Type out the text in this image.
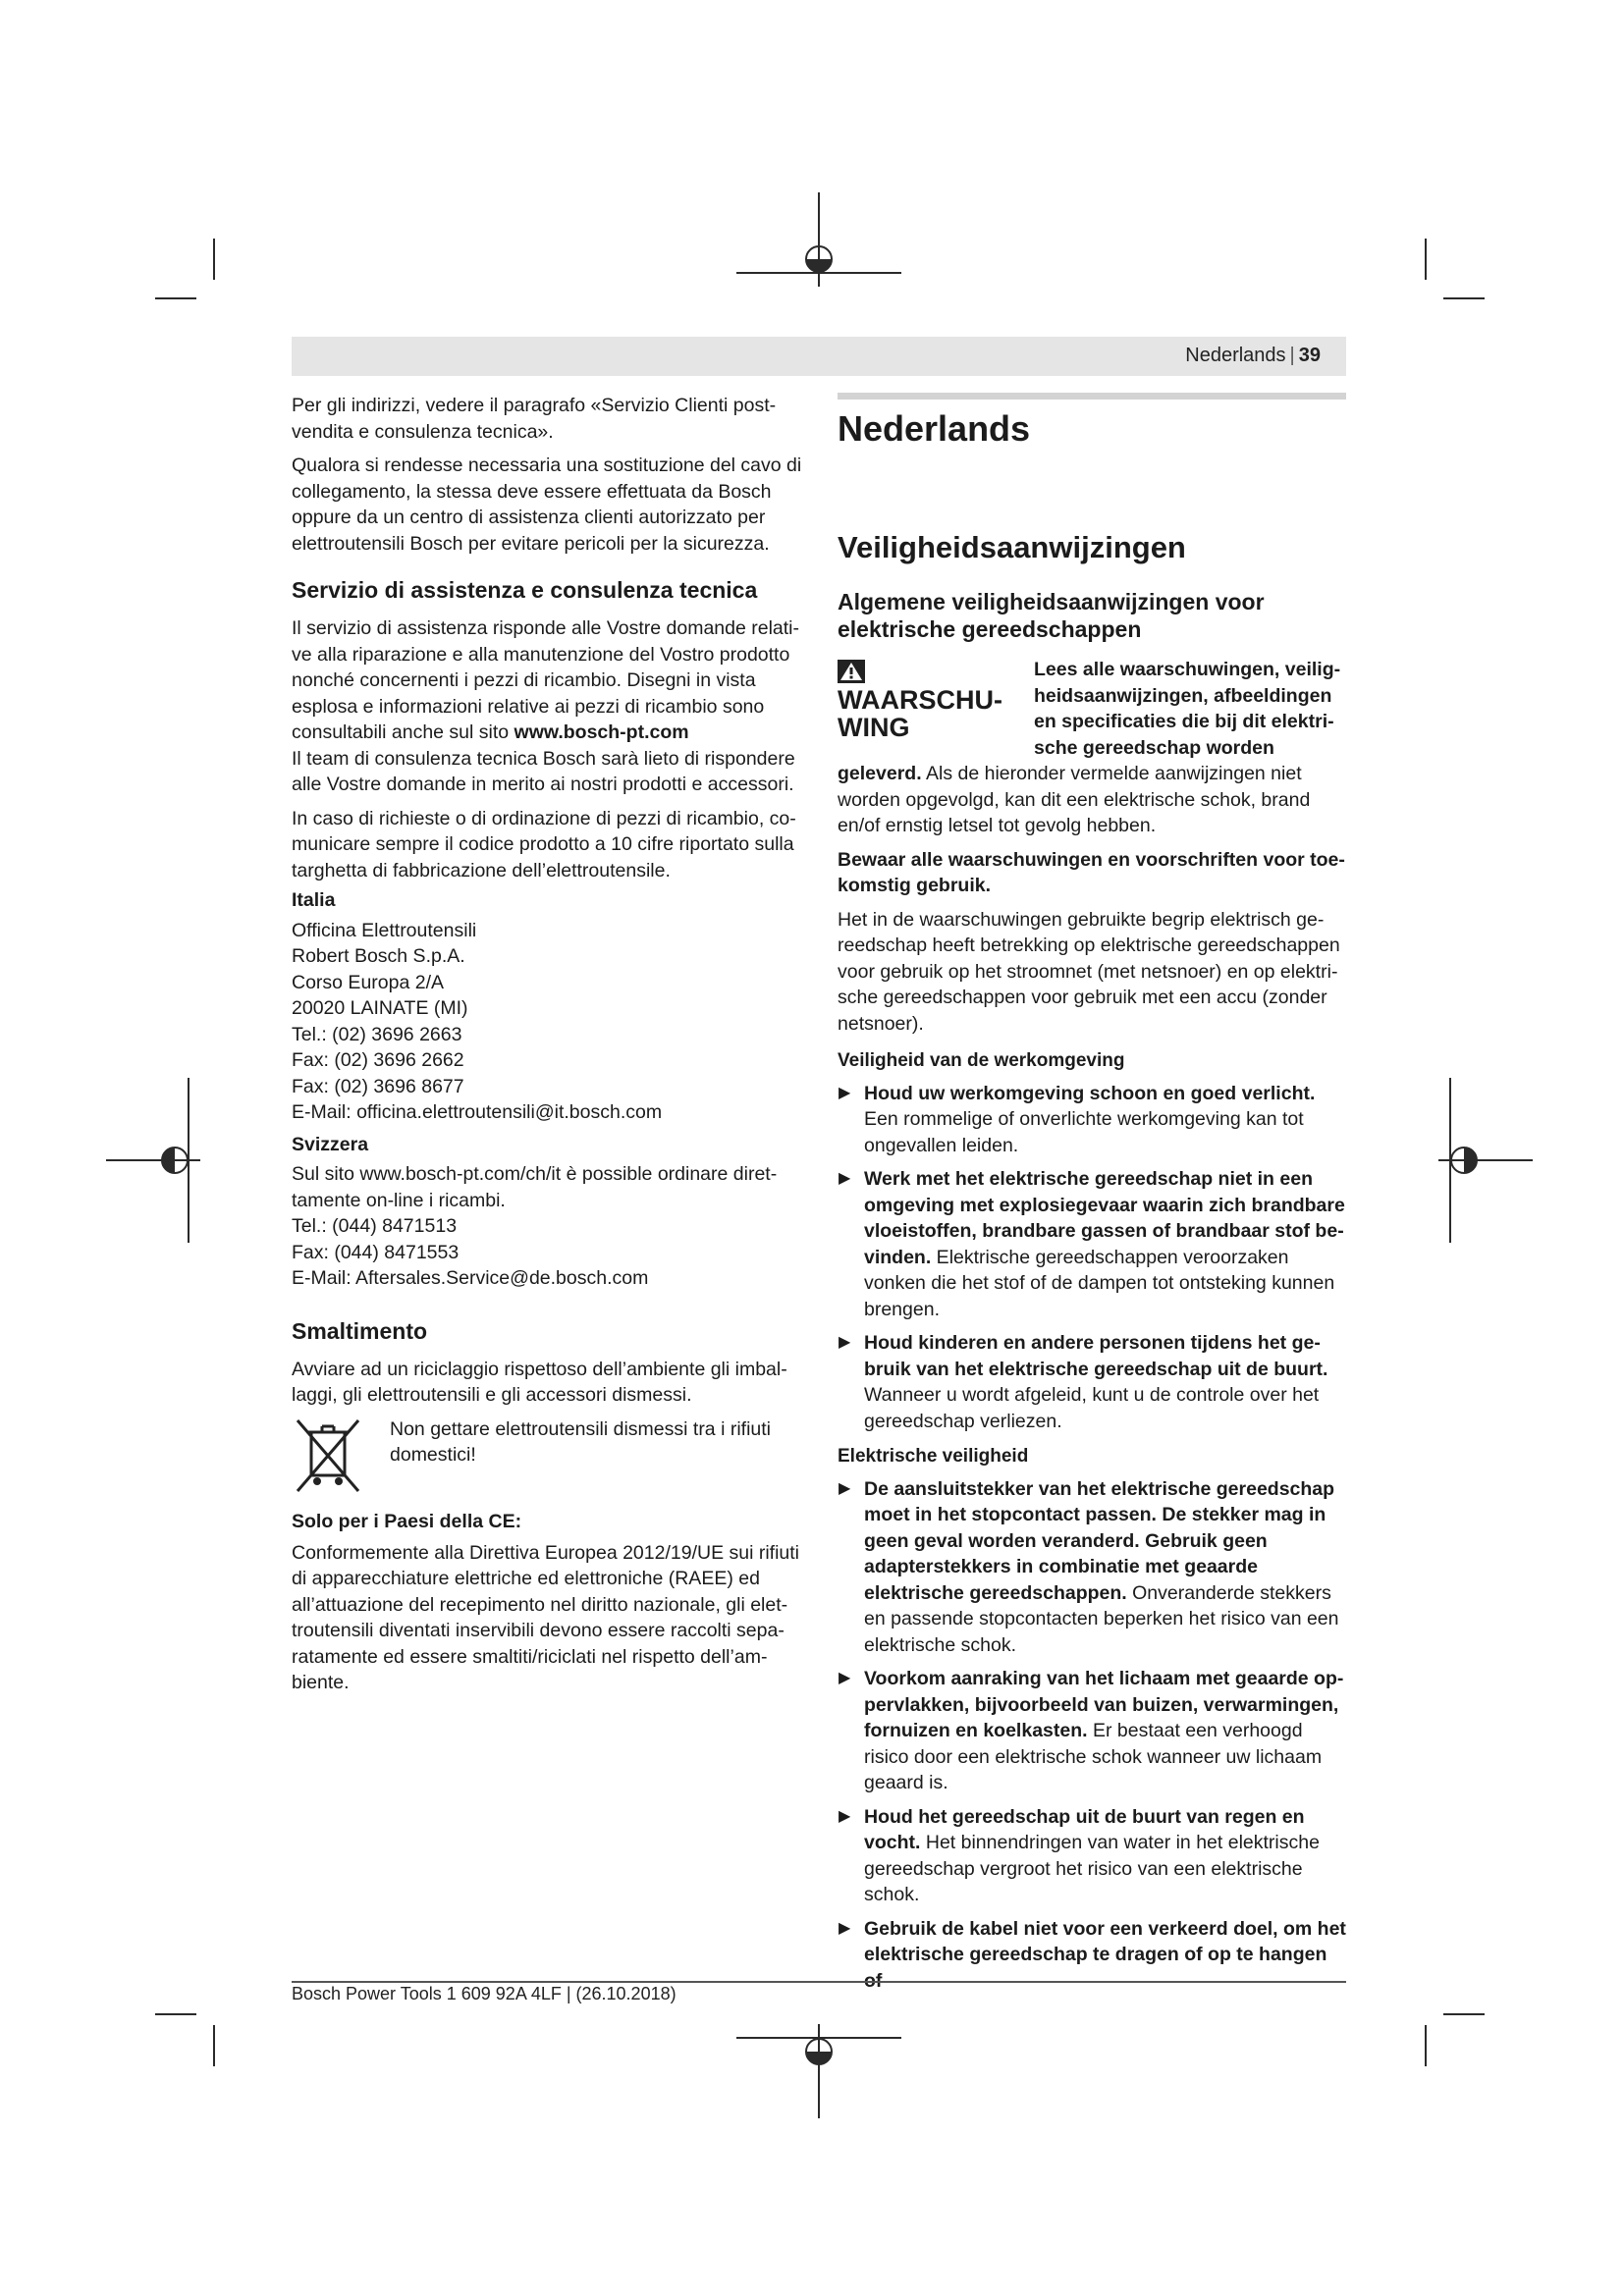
Nederlands | 39

Per gli indirizzi, vedere il paragrafo «Servizio Clienti postvendita e consulenza tecnica».

Qualora si rendesse necessaria una sostituzione del cavo di collegamento, la stessa deve essere effettuata da Bosch oppure da un centro di assistenza clienti autorizzato per elettroutensili Bosch per evitare pericoli per la sicurezza.

Servizio di assistenza e consulenza tecnica

Il servizio di assistenza risponde alle Vostre domande relative alla riparazione e alla manutenzione del Vostro prodotto nonché concernenti i pezzi di ricambio. Disegni in vista esplosa e informazioni relative ai pezzi di ricambio sono consultabili anche sul sito www.bosch-pt.com

Il team di consulenza tecnica Bosch sarà lieto di rispondere alle Vostre domande in merito ai nostri prodotti e accessori.

In caso di richieste o di ordinazione di pezzi di ricambio, comunicare sempre il codice prodotto a 10 cifre riportato sulla targhetta di fabbricazione dell’elettroutensile.

Italia
Officina Elettroutensili
Robert Bosch S.p.A.
Corso Europa 2/A
20020 LAINATE (MI)
Tel.: (02) 3696 2663
Fax: (02) 3696 2662
Fax: (02) 3696 8677
E-Mail: officina.elettroutensili@it.bosch.com
Svizzera
Sul sito www.bosch-pt.com/ch/it è possible ordinare direttamente on-line i ricambi.
Tel.: (044) 8471513
Fax: (044) 8471553
E-Mail: Aftersales.Service@de.bosch.com
Smaltimento

Avviare ad un riciclaggio rispettoso dell’ambiente gli imballaggi, gli elettroutensili e gli accessori dismessi.

Non gettare elettroutensili dismessi tra i rifiuti domestici!
Solo per i Paesi della CE:

Conformemente alla Direttiva Europea 2012/19/UE sui rifiuti di apparecchiature elettriche ed elettroniche (RAEE) ed all’attuazione del recepimento nel diritto nazionale, gli elettroutensili diventati inservibili devono essere raccolti separatamente ed essere smaltiti/riciclati nel rispetto dell’ambiente.

Nederlands
Veiligheidsaanwijzingen
Algemene veiligheidsaanwijzingen voor elektrische gereedschappen
WAARSCHUWING

Lees alle waarschuwingen, veiligheidsaanwijzingen, afbeeldingen en specificaties die bij dit elektrische gereedschap worden geleverd. Als de hieronder vermelde aanwijzingen niet worden opgevolgd, kan dit een elektrische schok, brand en/of ernstig letsel tot gevolg hebben.

Bewaar alle waarschuwingen en voorschriften voor toekomstig gebruik.

Het in de waarschuwingen gebruikte begrip elektrisch gereedschap heeft betrekking op elektrische gereedschappen voor gebruik op het stroomnet (met netsnoer) en op elektrische gereedschappen voor gebruik met een accu (zonder netsnoer).

Veiligheid van de werkomgeving
▶ Houd uw werkomgeving schoon en goed verlicht. Een rommelige of onverlichte werkomgeving kan tot ongevallen leiden.
▶ Werk met het elektrische gereedschap niet in een omgeving met explosiegevaar waarin zich brandbare vloeistoffen, brandbare gassen of brandbaar stof bevinden. Elektrische gereedschappen veroorzaken vonken die het stof of de dampen tot ontsteking kunnen brengen.
▶ Houd kinderen en andere personen tijdens het gebruik van het elektrische gereedschap uit de buurt. Wanneer u wordt afgeleid, kunt u de controle over het gereedschap verliezen.
Elektrische veiligheid
▶ De aansluitstekker van het elektrische gereedschap moet in het stopcontact passen. De stekker mag in geen geval worden veranderd. Gebruik geen adapterstekkers in combinatie met geaarde elektrische gereedschappen. Onveranderde stekkers en passende stopcontacten beperken het risico van een elektrische schok.
▶ Voorkom aanraking van het lichaam met geaarde oppervlakken, bijvoorbeeld van buizen, verwarmingen, fornuizen en koelkasten. Er bestaat een verhoogd risico door een elektrische schok wanneer uw lichaam geaard is.
▶ Houd het gereedschap uit de buurt van regen en vocht. Het binnendringen van water in het elektrische gereedschap vergroot het risico van een elektrische schok.
▶ Gebruik de kabel niet voor een verkeerd doel, om het elektrische gereedschap te dragen of op te hangen
Bosch Power Tools 1 609 92A 4LF | (26.10.2018)
